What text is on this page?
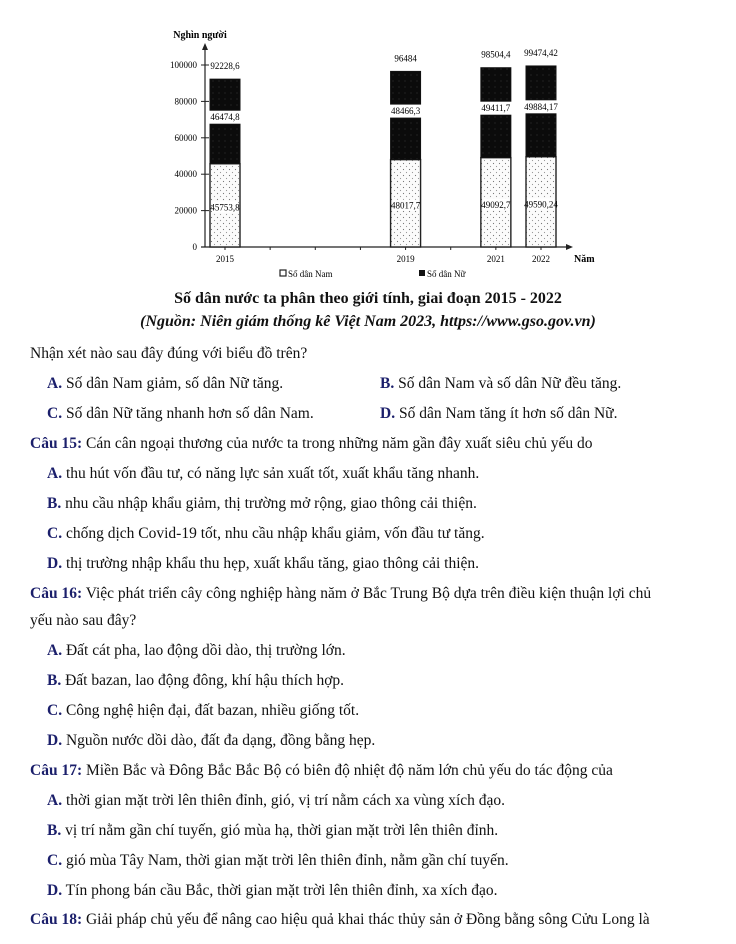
Nghìn người
0
20000
40000
60000
80000
100000 92228,6
46474,8
45753,8
2015
96484
48466,3
48017,7
2019
98504,4
49411,7
49092,7
2021
99474,42
49884,17
49590,24
2022 Năm
Số dân Nam	Số dân Nữ
Số dân nước ta phân theo giới tính, giai đoạn 2015 - 2022
(Nguồn: Niên giám thống kê Việt Nam 2023, https://www.gso.gov.vn)
Nhận xét nào sau đây đúng với biểu đồ trên?
A. Số dân Nam giảm, số dân Nữ tăng.	B. Số dân Nam và số dân Nữ đều tăng.
C. Số dân Nữ tăng nhanh hơn số dân Nam.	D. Số dân Nam tăng ít hơn số dân Nữ.
Câu 15: Cán cân ngoại thương của nước ta trong những năm gần đây xuất siêu chủ yếu do
A. thu hút vốn đầu tư, có năng lực sản xuất tốt, xuất khẩu tăng nhanh.
B. nhu cầu nhập khẩu giảm, thị trường mở rộng, giao thông cải thiện.
C. chống dịch Covid-19 tốt, nhu cầu nhập khẩu giảm, vốn đầu tư tăng.
D. thị trường nhập khẩu thu hẹp, xuất khẩu tăng, giao thông cải thiện.
Câu 16: Việc phát triển cây công nghiệp hàng năm ở Bắc Trung Bộ dựa trên điều kiện thuận lợi chủ
yếu nào sau đây?
A. Đất cát pha, lao động dồi dào, thị trường lớn.
B. Đất bazan, lao động đông, khí hậu thích hợp.
C. Công nghệ hiện đại, đất bazan, nhiều giống tốt.
D. Nguồn nước dồi dào, đất đa dạng, đồng bằng hẹp.
Câu 17: Miền Bắc và Đông Bắc Bắc Bộ có biên độ nhiệt độ năm lớn chủ yếu do tác động của
A. thời gian mặt trời lên thiên đỉnh, gió, vị trí nằm cách xa vùng xích đạo.
B. vị trí nằm gần chí tuyến, gió mùa hạ, thời gian mặt trời lên thiên đỉnh.
C. gió mùa Tây Nam, thời gian mặt trời lên thiên đỉnh, nằm gần chí tuyến.
D. Tín phong bán cầu Bắc, thời gian mặt trời lên thiên đỉnh, xa xích đạo.
Câu 18: Giải pháp chủ yếu để nâng cao hiệu quả khai thác thủy sản ở Đồng bằng sông Cửu Long là
